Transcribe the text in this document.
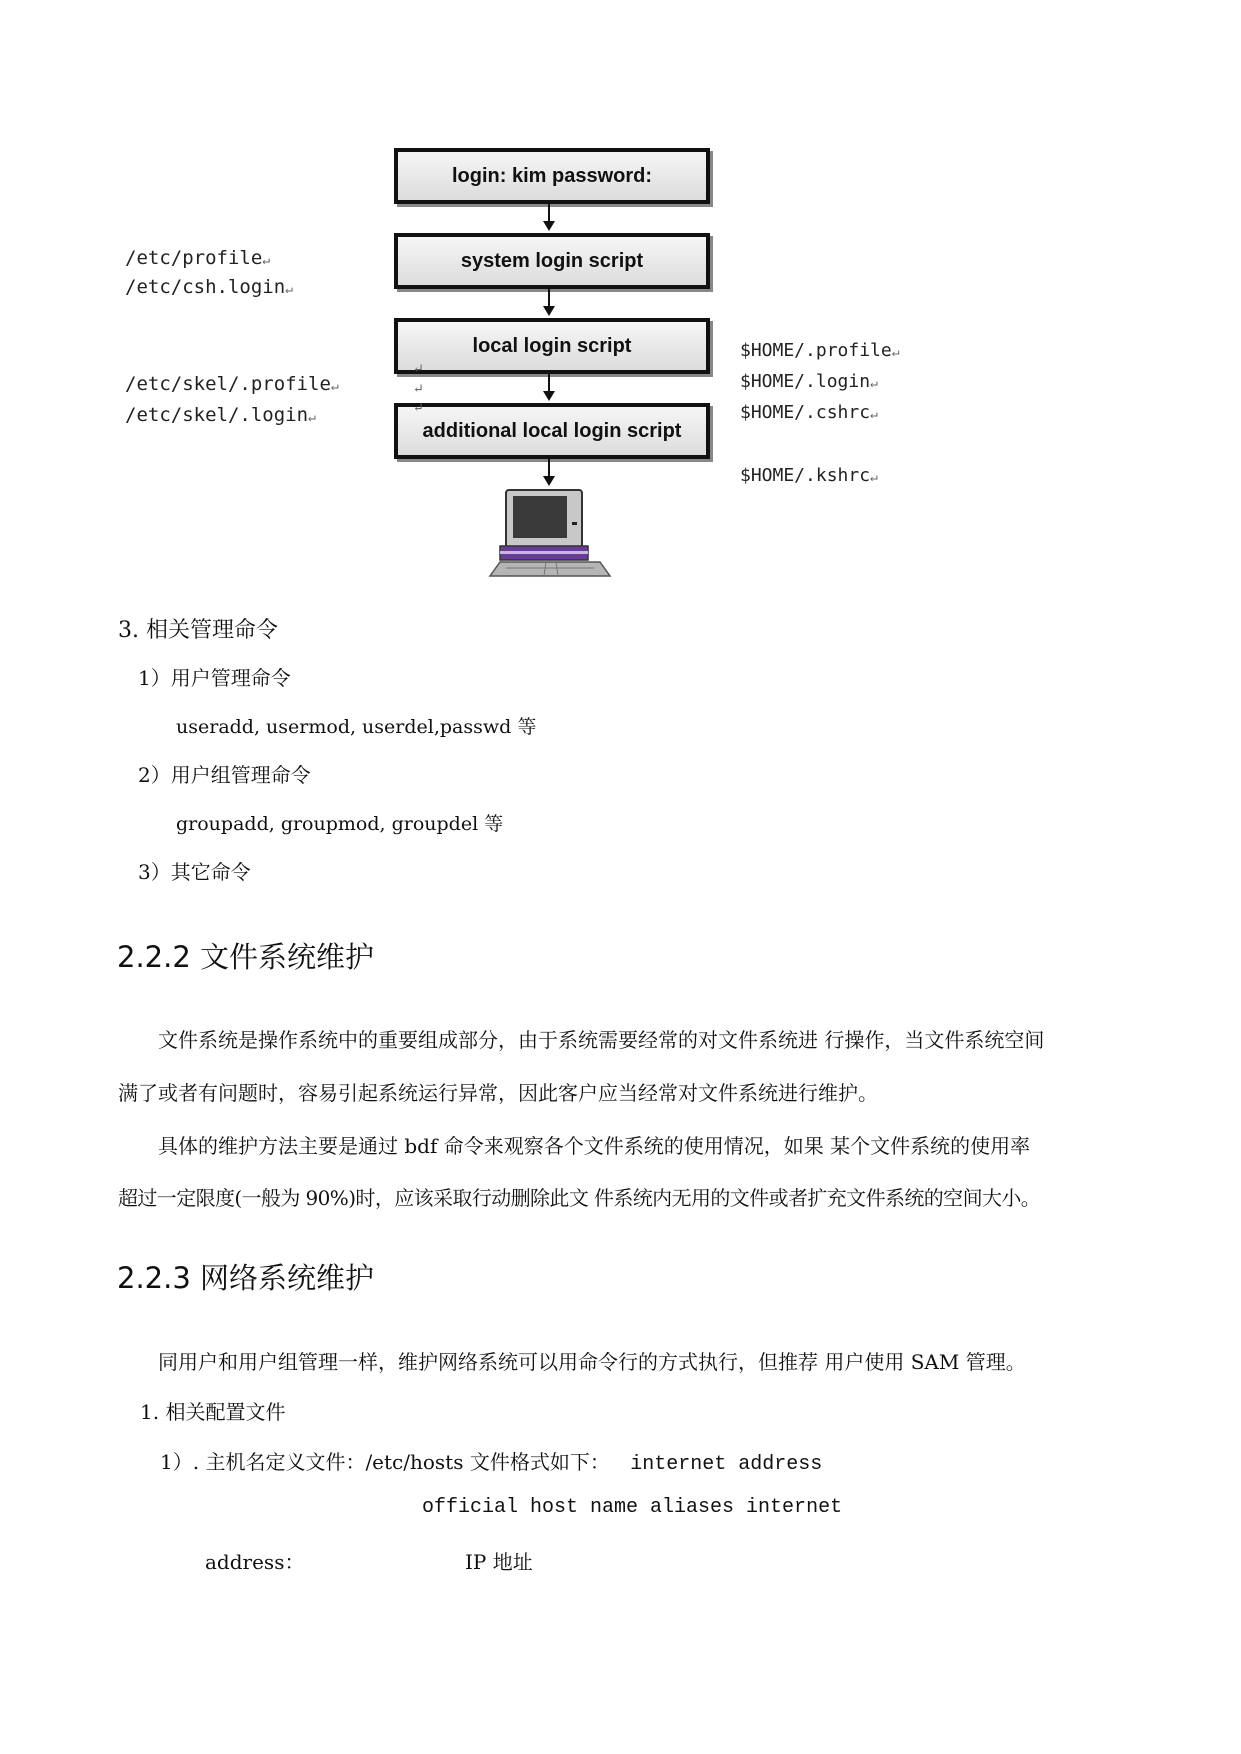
login: kim password:
system login script
local login script
additional local login script
/etc/profile↵
/etc/csh.login↵
/etc/skel/.profile↵
/etc/skel/.login↵
↵
↵
↵
$HOME/.profile↵
$HOME/.login↵
$HOME/.cshrc↵
$HOME/.kshrc↵
3. 相关管理命令
1）用户管理命令
useradd, usermod, userdel,passwd 等
2）用户组管理命令
groupadd, groupmod, groupdel 等
3）其它命令
2.2.2 文件系统维护
文件系统是操作系统中的重要组成部分，由于系统需要经常的对文件系统进 行操作，当文件系统空间
满了或者有问题时，容易引起系统运行异常，因此客户应当经常对文件系统进行维护。
具体的维护方法主要是通过 bdf 命令来观察各个文件系统的使用情况，如果 某个文件系统的使用率
超过一定限度(一般为 90%)时，应该采取行动删除此文 件系统内无用的文件或者扩充文件系统的空间大小。
2.2.3 网络系统维护
同用户和用户组管理一样，维护网络系统可以用命令行的方式执行，但推荐 用户使用 SAM 管理。
1. 相关配置文件
1）. 主机名定义文件：/etc/hosts 文件格式如下： internet address
official host name aliases internet
address：	IP 地址
